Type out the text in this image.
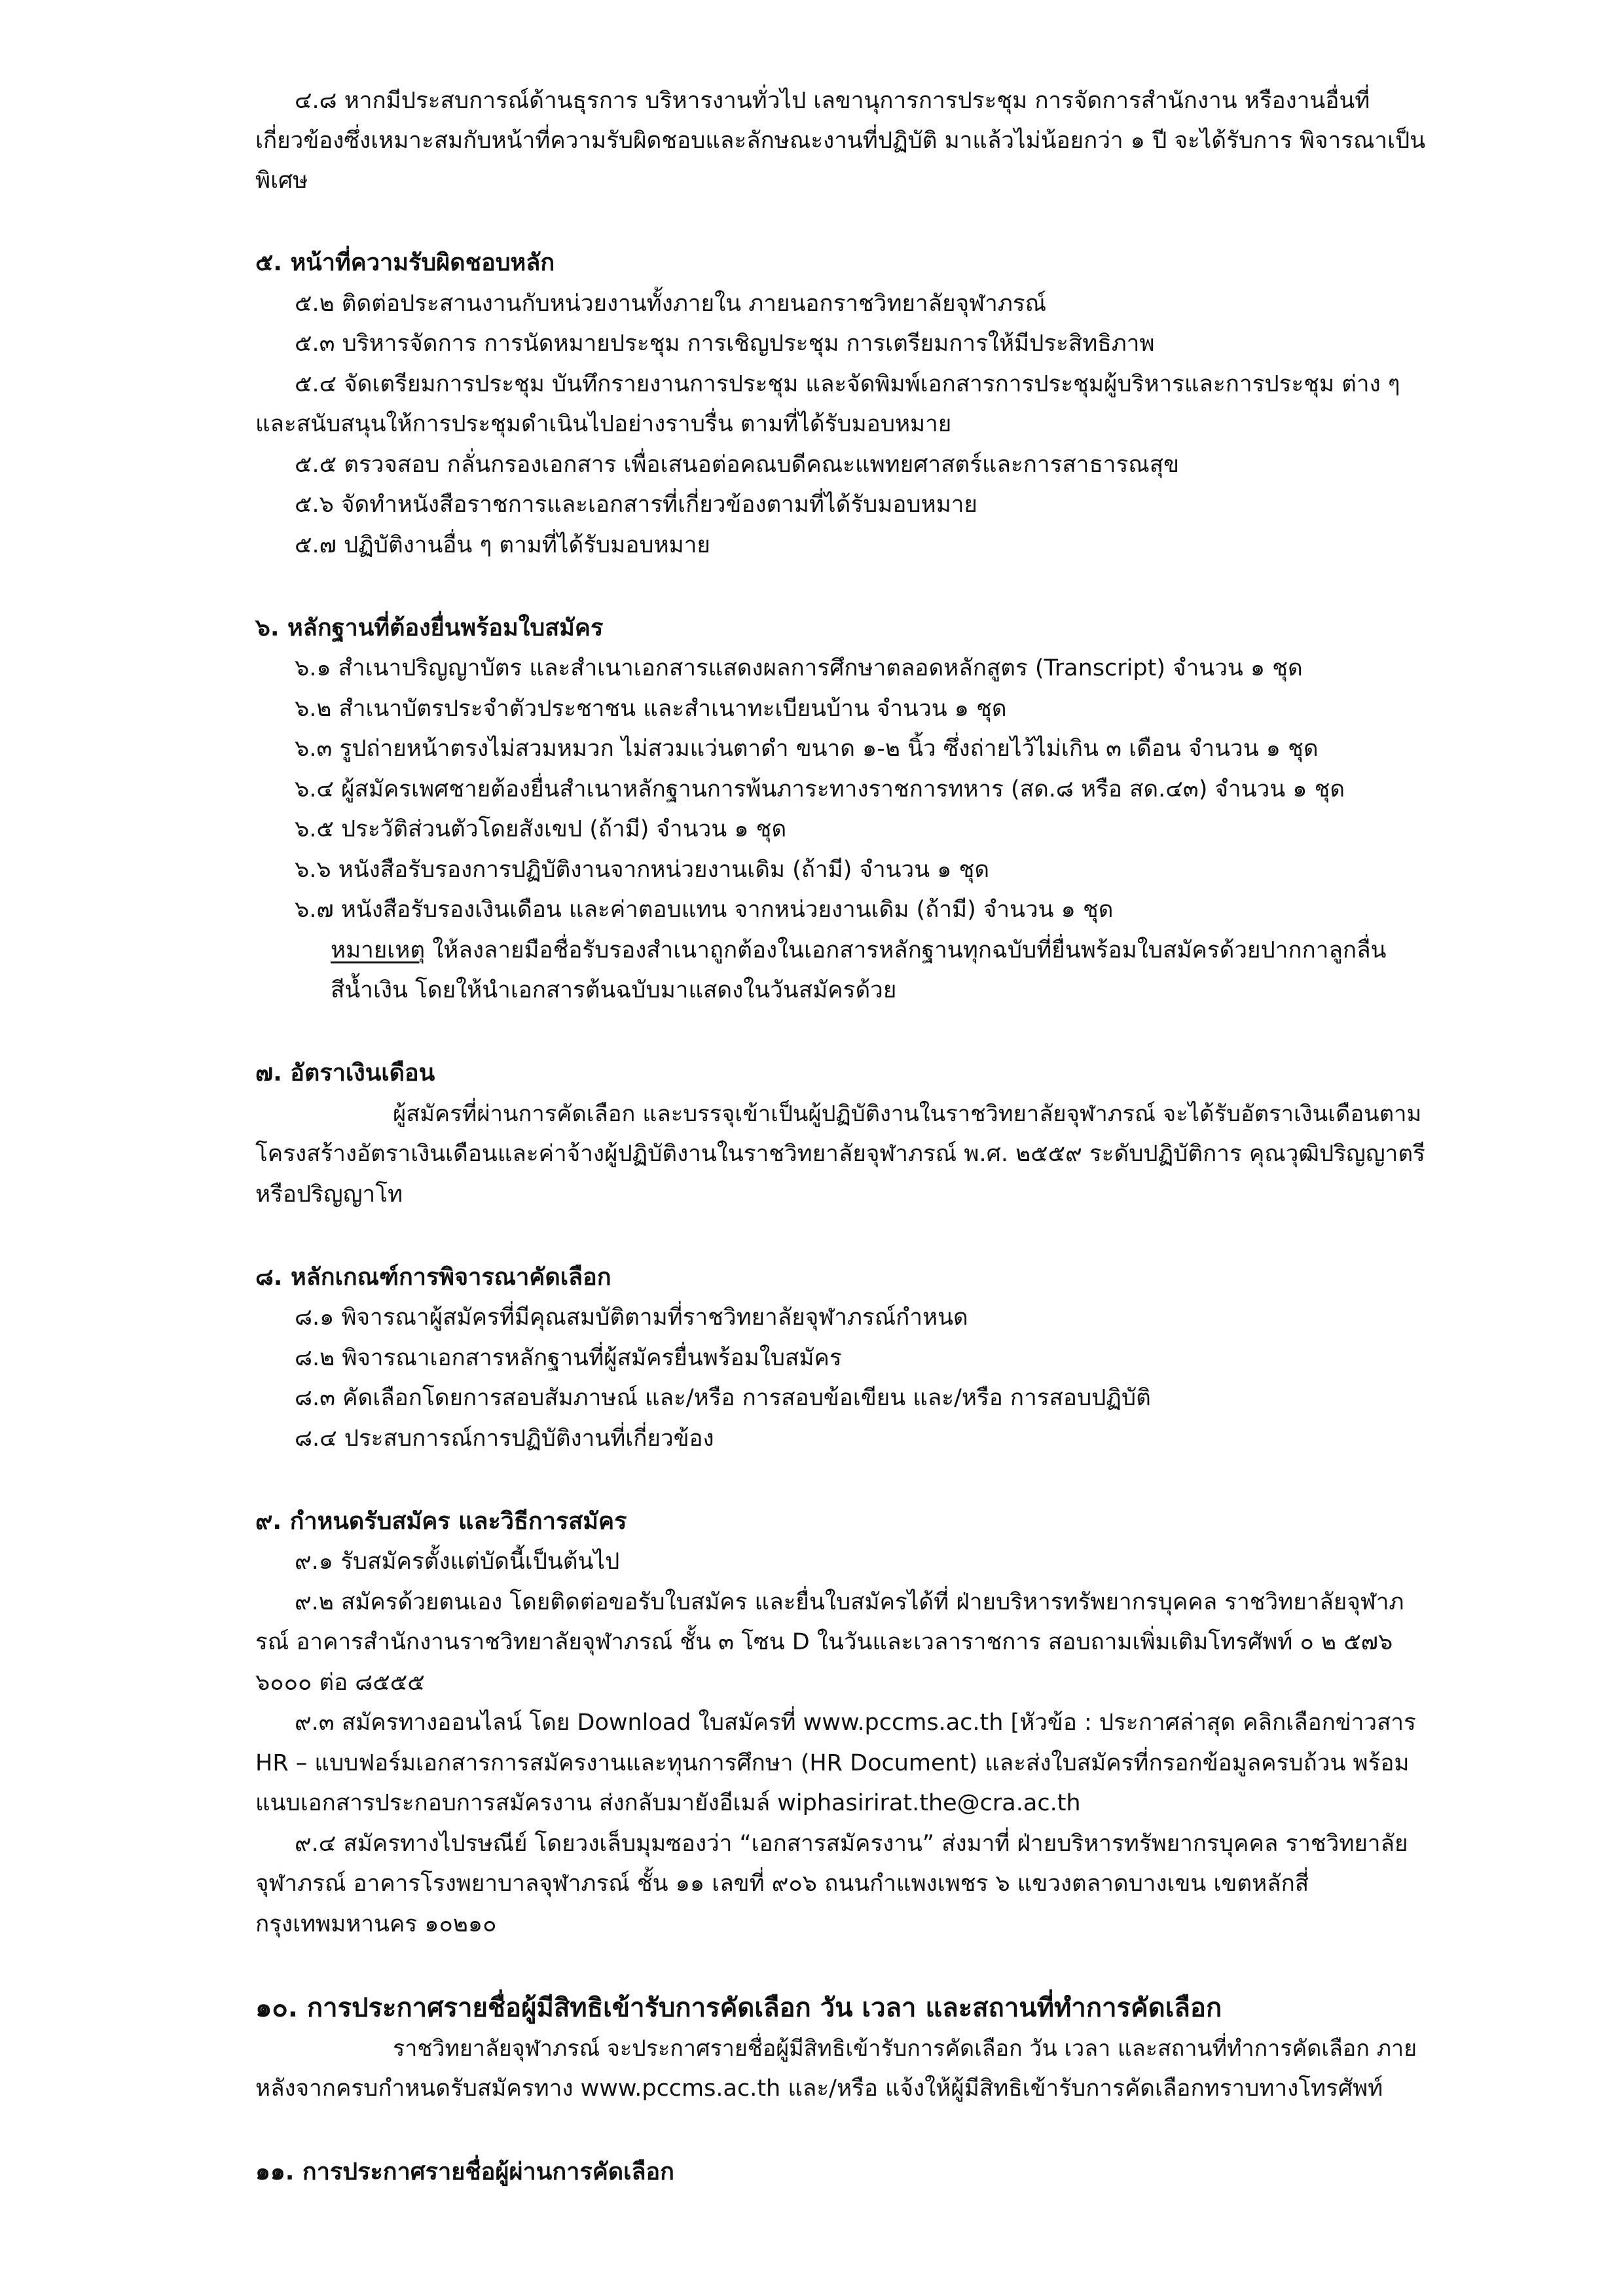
๔.๘ หากมีประสบการณ์ด้านธุรการ บริหารงานทั่วไป เลขานุการการประชุม การจัดการสำนักงาน หรืองานอื่นที่
เกี่ยวข้องซึ่งเหมาะสมกับหน้าที่ความรับผิดชอบและลักษณะงานที่ปฏิบัติ มาแล้วไม่น้อยกว่า ๑ ปี จะได้รับการ พิจารณาเป็น
พิเศษ
๕. หน้าที่ความรับผิดชอบหลัก
๕.๒ ติดต่อประสานงานกับหน่วยงานทั้งภายใน ภายนอกราชวิทยาลัยจุฬาภรณ์
๕.๓ บริหารจัดการ การนัดหมายประชุม การเชิญประชุม การเตรียมการให้มีประสิทธิภาพ
๕.๔ จัดเตรียมการประชุม บันทึกรายงานการประชุม และจัดพิมพ์เอกสารการประชุมผู้บริหารและการประชุม ต่าง ๆ
และสนับสนุนให้การประชุมดำเนินไปอย่างราบรื่น ตามที่ได้รับมอบหมาย
๕.๕ ตรวจสอบ กลั่นกรองเอกสาร เพื่อเสนอต่อคณบดีคณะแพทยศาสตร์และการสาธารณสุข
๕.๖ จัดทำหนังสือราชการและเอกสารที่เกี่ยวข้องตามที่ได้รับมอบหมาย
๕.๗ ปฏิบัติงานอื่น ๆ ตามที่ได้รับมอบหมาย
๖. หลักฐานที่ต้องยื่นพร้อมใบสมัคร
๖.๑ สำเนาปริญญาบัตร และสำเนาเอกสารแสดงผลการศึกษาตลอดหลักสูตร (Transcript) จำนวน ๑ ชุด
๖.๒ สำเนาบัตรประจำตัวประชาชน และสำเนาทะเบียนบ้าน จำนวน ๑ ชุด
๖.๓ รูปถ่ายหน้าตรงไม่สวมหมวก ไม่สวมแว่นตาดำ ขนาด ๑-๒ นิ้ว ซึ่งถ่ายไว้ไม่เกิน ๓ เดือน จำนวน ๑ ชุด
๖.๔ ผู้สมัครเพศชายต้องยื่นสำเนาหลักฐานการพ้นภาระทางราชการทหาร (สด.๘ หรือ สด.๔๓) จำนวน ๑ ชุด
๖.๕ ประวัติส่วนตัวโดยสังเขป (ถ้ามี) จำนวน ๑ ชุด
๖.๖ หนังสือรับรองการปฏิบัติงานจากหน่วยงานเดิม (ถ้ามี) จำนวน ๑ ชุด
๖.๗ หนังสือรับรองเงินเดือน และค่าตอบแทน จากหน่วยงานเดิม (ถ้ามี) จำนวน ๑ ชุด
หมายเหตุ ให้ลงลายมือชื่อรับรองสำเนาถูกต้องในเอกสารหลักฐานทุกฉบับที่ยื่นพร้อมใบสมัครด้วยปากกาลูกลื่น
สีน้ำเงิน โดยให้นำเอกสารต้นฉบับมาแสดงในวันสมัครด้วย
๗. อัตราเงินเดือน
ผู้สมัครที่ผ่านการคัดเลือก และบรรจุเข้าเป็นผู้ปฏิบัติงานในราชวิทยาลัยจุฬาภรณ์ จะได้รับอัตราเงินเดือนตาม
โครงสร้างอัตราเงินเดือนและค่าจ้างผู้ปฏิบัติงานในราชวิทยาลัยจุฬาภรณ์ พ.ศ. ๒๕๕๙ ระดับปฏิบัติการ คุณวุฒิปริญญาตรี
หรือปริญญาโท
๘. หลักเกณฑ์การพิจารณาคัดเลือก
๘.๑ พิจารณาผู้สมัครที่มีคุณสมบัติตามที่ราชวิทยาลัยจุฬาภรณ์กำหนด
๘.๒ พิจารณาเอกสารหลักฐานที่ผู้สมัครยื่นพร้อมใบสมัคร
๘.๓ คัดเลือกโดยการสอบสัมภาษณ์ และ/หรือ การสอบข้อเขียน และ/หรือ การสอบปฏิบัติ
๘.๔ ประสบการณ์การปฏิบัติงานที่เกี่ยวข้อง
๙. กำหนดรับสมัคร และวิธีการสมัคร
๙.๑ รับสมัครตั้งแต่บัดนี้เป็นต้นไป
๙.๒ สมัครด้วยตนเอง โดยติดต่อขอรับใบสมัคร และยื่นใบสมัครได้ที่ ฝ่ายบริหารทรัพยากรบุคคล ราชวิทยาลัยจุฬาภ
รณ์ อาคารสำนักงานราชวิทยาลัยจุฬาภรณ์ ชั้น ๓ โซน D ในวันและเวลาราชการ สอบถามเพิ่มเติมโทรศัพท์ ๐ ๒ ๕๗๖
๖๐๐๐ ต่อ ๘๕๕๕
๙.๓ สมัครทางออนไลน์ โดย Download ใบสมัครที่ www.pccms.ac.th [หัวข้อ : ประกาศล่าสุด คลิกเลือกข่าวสาร
HR – แบบฟอร์มเอกสารการสมัครงานและทุนการศึกษา (HR Document) และส่งใบสมัครที่กรอกข้อมูลครบถ้วน พร้อม
แนบเอกสารประกอบการสมัครงาน ส่งกลับมายังอีเมล์ wiphasirirat.the@cra.ac.th
๙.๔ สมัครทางไปรษณีย์ โดยวงเล็บมุมซองว่า “เอกสารสมัครงาน” ส่งมาที่ ฝ่ายบริหารทรัพยากรบุคคล ราชวิทยาลัย
จุฬาภรณ์ อาคารโรงพยาบาลจุฬาภรณ์ ชั้น ๑๑ เลขที่ ๙๐๖ ถนนกำแพงเพชร ๖ แขวงตลาดบางเขน เขตหลักสี่
กรุงเทพมหานคร ๑๐๒๑๐
๑๐. การประกาศรายชื่อผู้มีสิทธิเข้ารับการคัดเลือก วัน เวลา และสถานที่ทำการคัดเลือก
ราชวิทยาลัยจุฬาภรณ์ จะประกาศรายชื่อผู้มีสิทธิเข้ารับการคัดเลือก วัน เวลา และสถานที่ทำการคัดเลือก ภาย
หลังจากครบกำหนดรับสมัครทาง www.pccms.ac.th และ/หรือ แจ้งให้ผู้มีสิทธิเข้ารับการคัดเลือกทราบทางโทรศัพท์
๑๑. การประกาศรายชื่อผู้ผ่านการคัดเลือก
